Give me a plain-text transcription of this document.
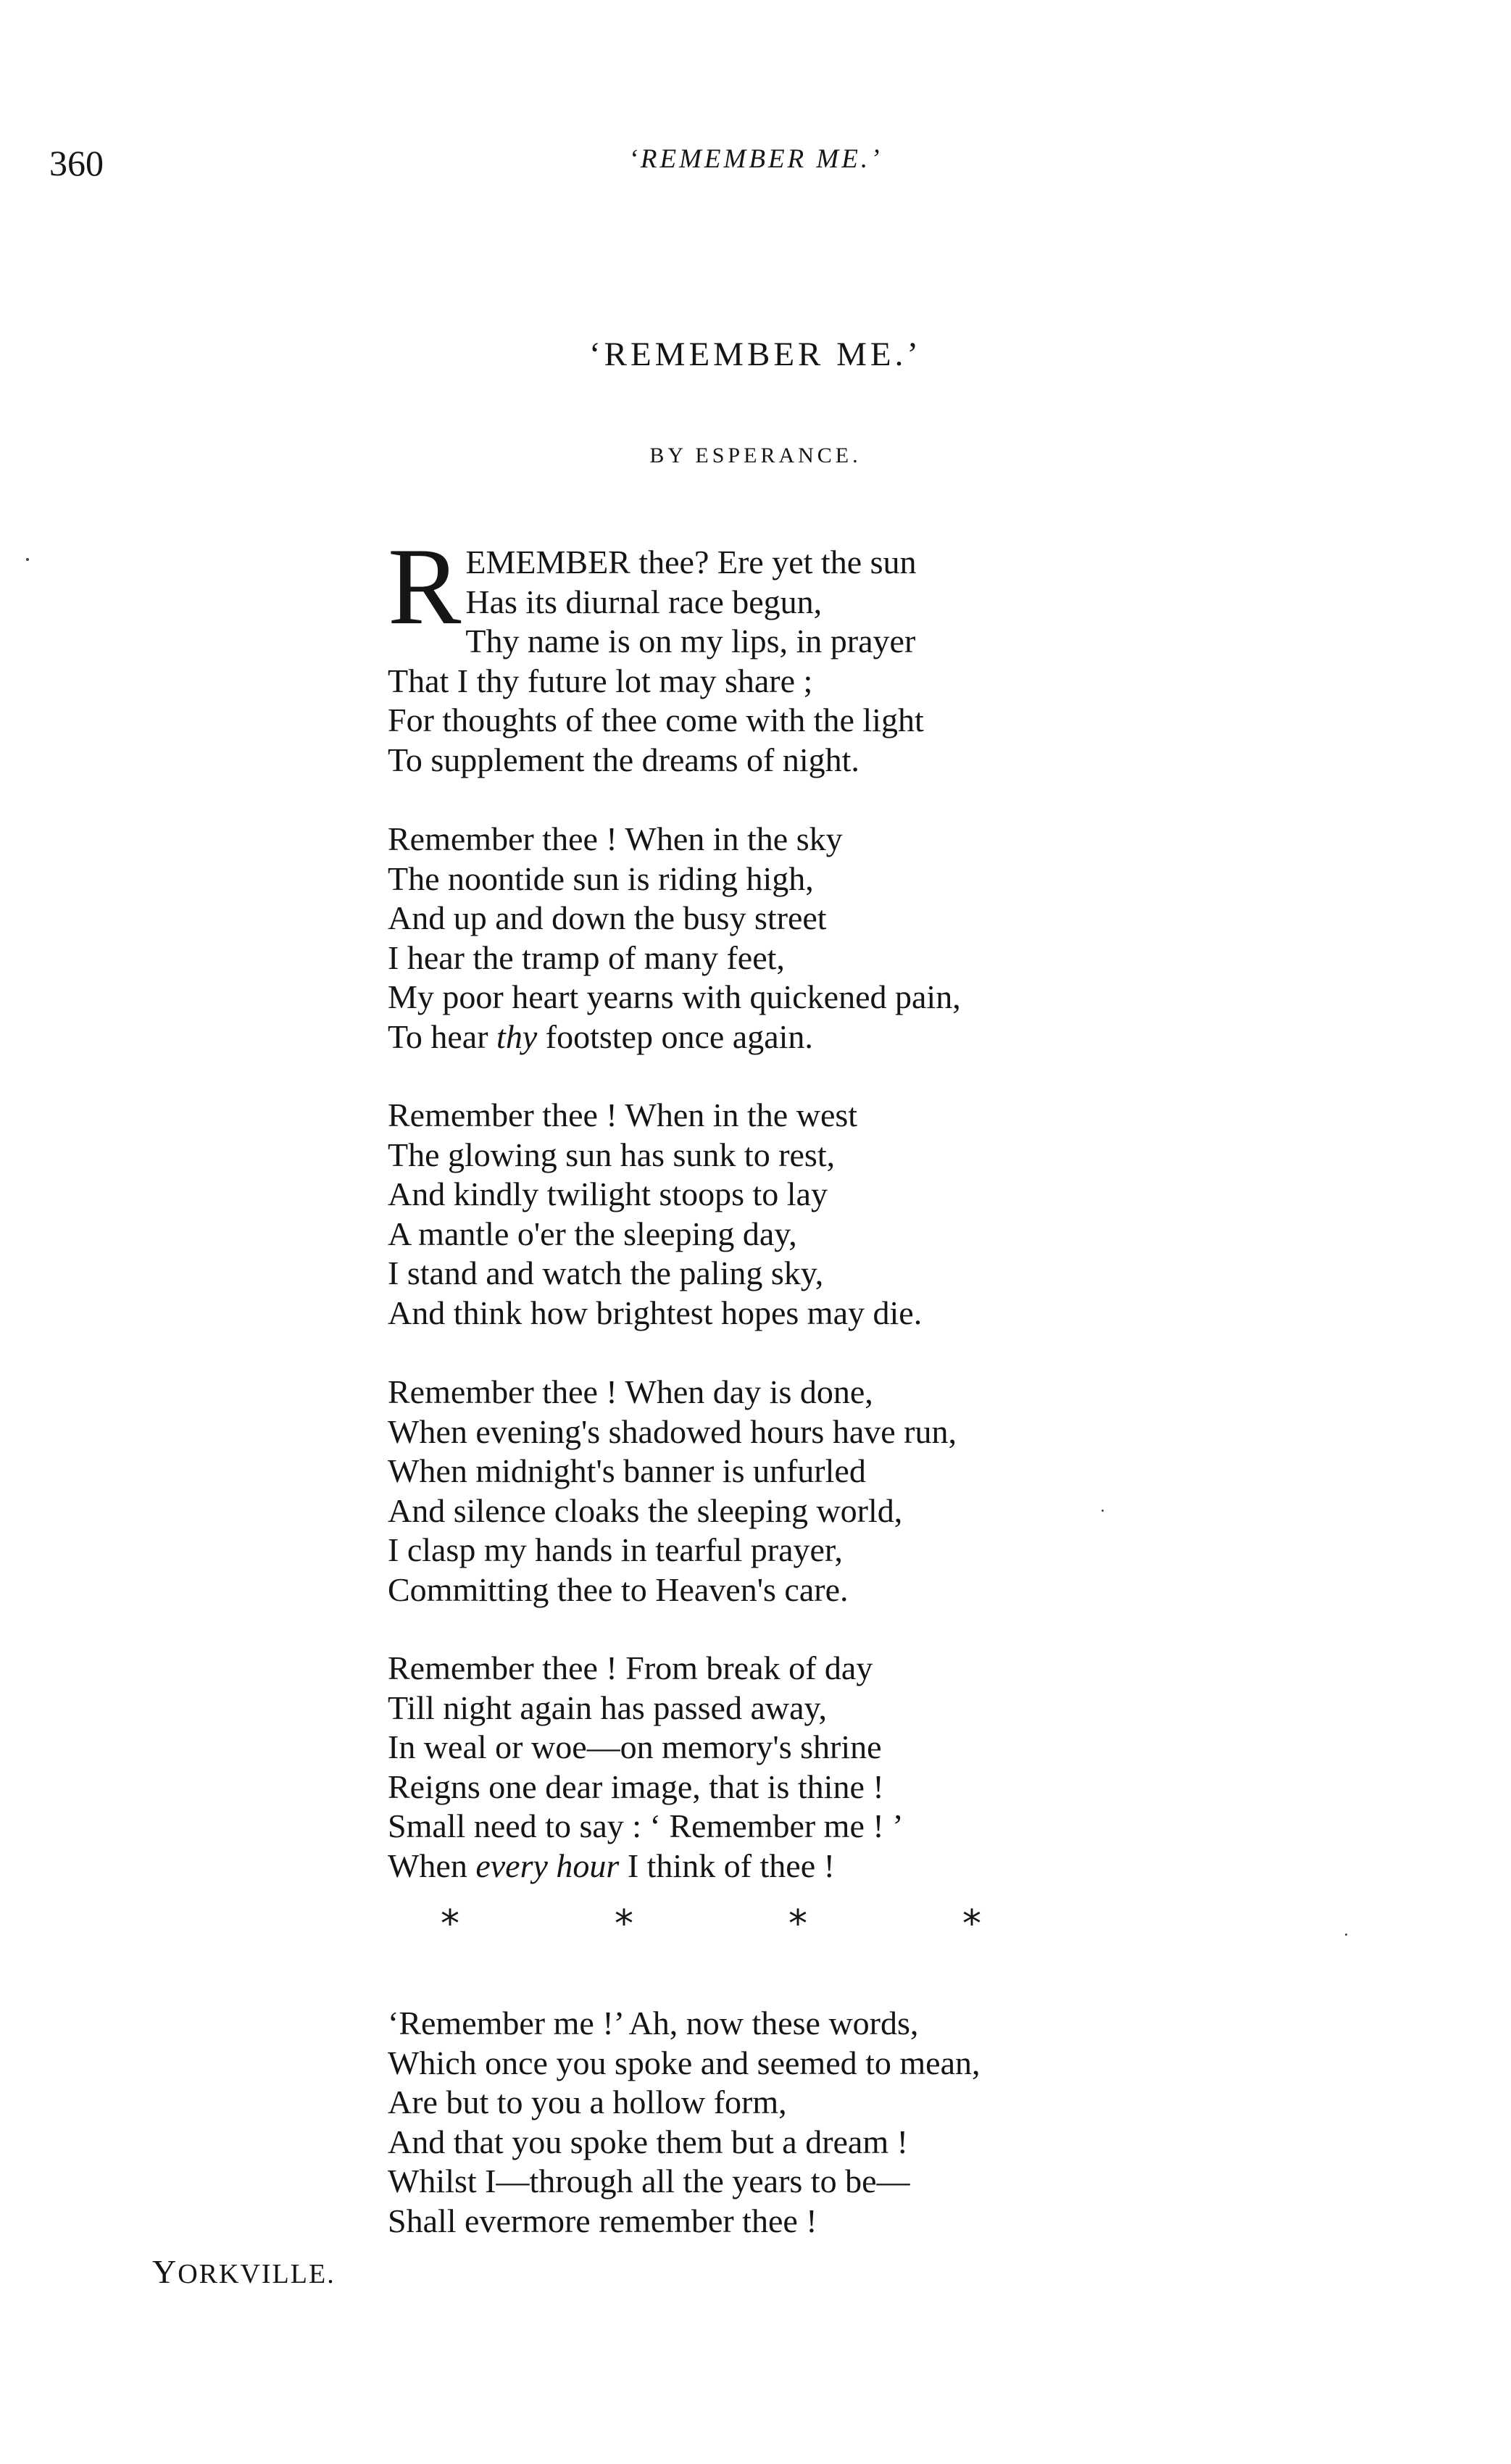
360	‘REMEMBER ME.’
‘REMEMBER ME.’
BY ESPERANCE.
R EMEMBER thee? Ere yet the sun
Has its diurnal race begun,
Thy name is on my lips, in prayer
That I thy future lot may share ;
For thoughts of thee come with the light
To supplement the dreams of night.
Remember thee ! When in the sky
The noontide sun is riding high,
And up and down the busy street
I hear the tramp of many feet,
My poor heart yearns with quickened pain,
To hear thy footstep once again.
Remember thee ! When in the west
The glowing sun has sunk to rest,
And kindly twilight stoops to lay
A mantle o'er the sleeping day,
I stand and watch the paling sky,
And think how brightest hopes may die.
Remember thee ! When day is done,
When evening's shadowed hours have run,
When midnight's banner is unfurled
And silence cloaks the sleeping world,
I clasp my hands in tearful prayer,
Committing thee to Heaven's care.
Remember thee ! From break of day
Till night again has passed away,
In weal or woe—on memory's shrine
Reigns one dear image, that is thine !
Small need to say : ‘ Remember me ! ’
When every hour I think of thee !
*	*	*	*
‘Remember me !’ Ah, now these words,
Which once you spoke and seemed to mean,
Are but to you a hollow form,
And that you spoke them but a dream !
Whilst I—through all the years to be—
Shall evermore remember thee !
YORKVILLE.
